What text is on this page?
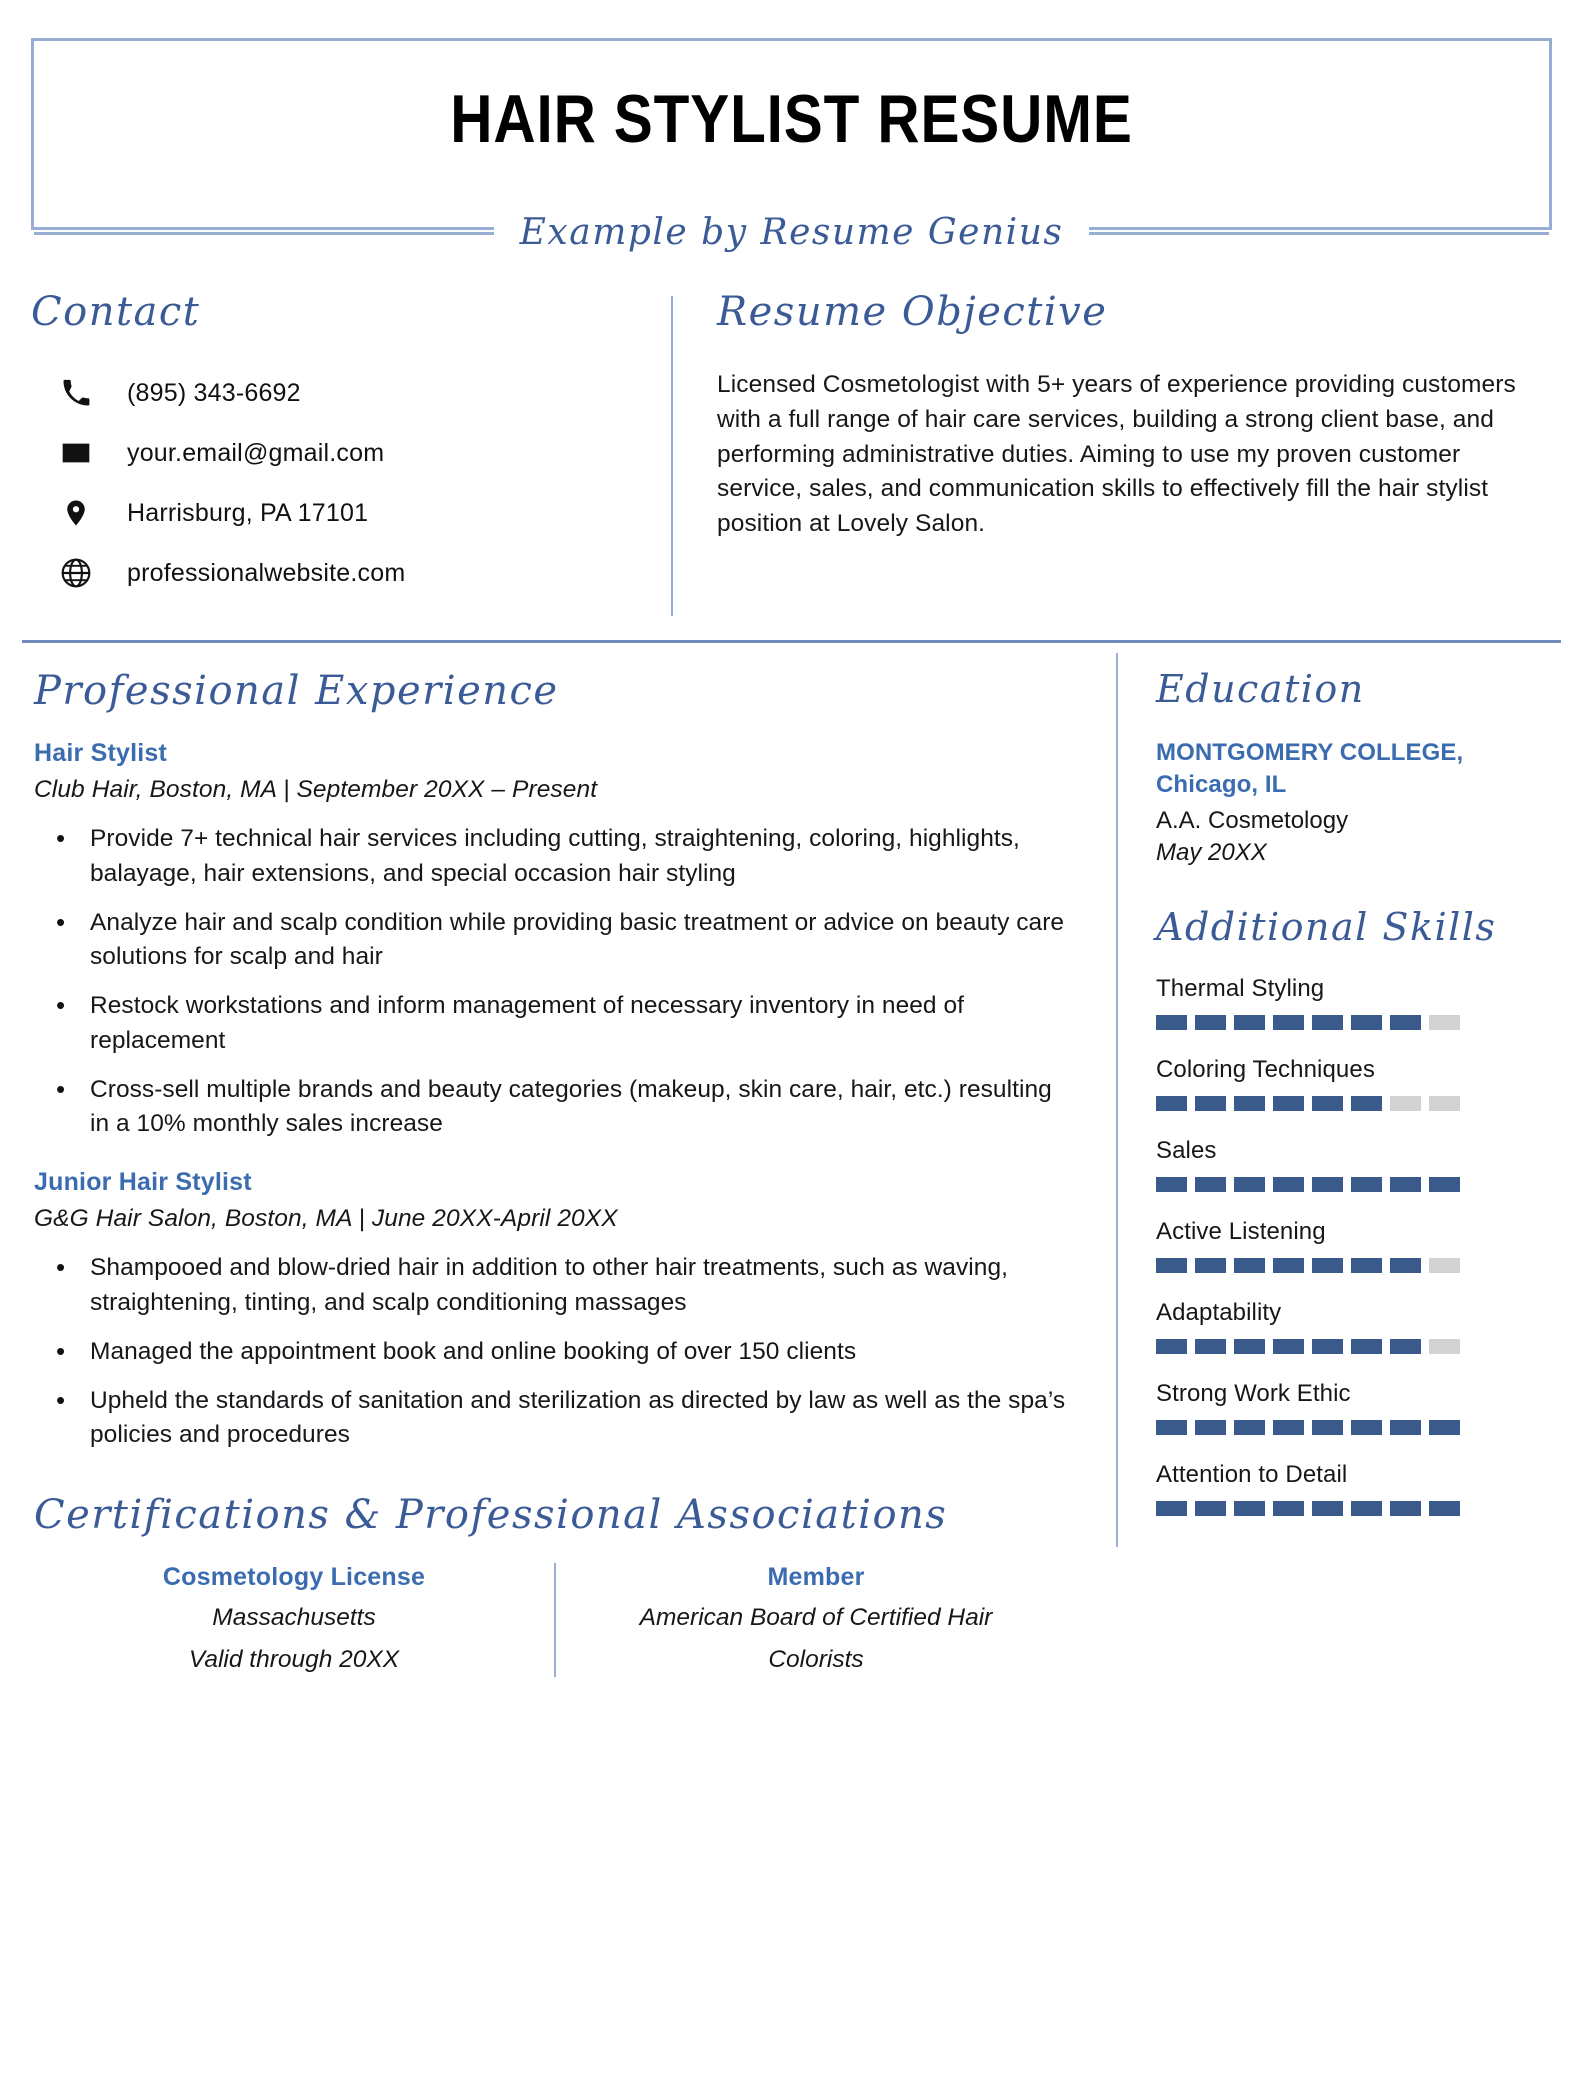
HAIR STYLIST RESUME
Example by Resume Genius
Contact
(895) 343-6692
your.email@gmail.com
Harrisburg, PA 17101
professionalwebsite.com
Resume Objective
Licensed Cosmetologist with 5+ years of experience providing customers with a full range of hair care services, building a strong client base, and performing administrative duties. Aiming to use my proven customer service, sales, and communication skills to effectively fill the hair stylist position at Lovely Salon.
Professional Experience
Hair Stylist
Club Hair, Boston, MA | September 20XX – Present
• Provide 7+ technical hair services including cutting, straightening, coloring, highlights, balayage, hair extensions, and special occasion hair styling
• Analyze hair and scalp condition while providing basic treatment or advice on beauty care solutions for scalp and hair
• Restock workstations and inform management of necessary inventory in need of replacement
• Cross-sell multiple brands and beauty categories (makeup, skin care, hair, etc.) resulting in a 10% monthly sales increase
Junior Hair Stylist
G&G Hair Salon, Boston, MA | June 20XX-April 20XX
• Shampooed and blow-dried hair in addition to other hair treatments, such as waving, straightening, tinting, and scalp conditioning massages
• Managed the appointment book and online booking of over 150 clients
• Upheld the standards of sanitation and sterilization as directed by law as well as the spa’s policies and procedures
Certifications & Professional Associations
Cosmetology License
Massachusetts
Valid through 20XX
Member
American Board of Certified Hair
Colorists
Education
MONTGOMERY COLLEGE, Chicago, IL
A.A. Cosmetology
May 20XX
Additional Skills
Thermal Styling
Coloring Techniques
Sales
Active Listening
Adaptability
Strong Work Ethic
Attention to Detail
